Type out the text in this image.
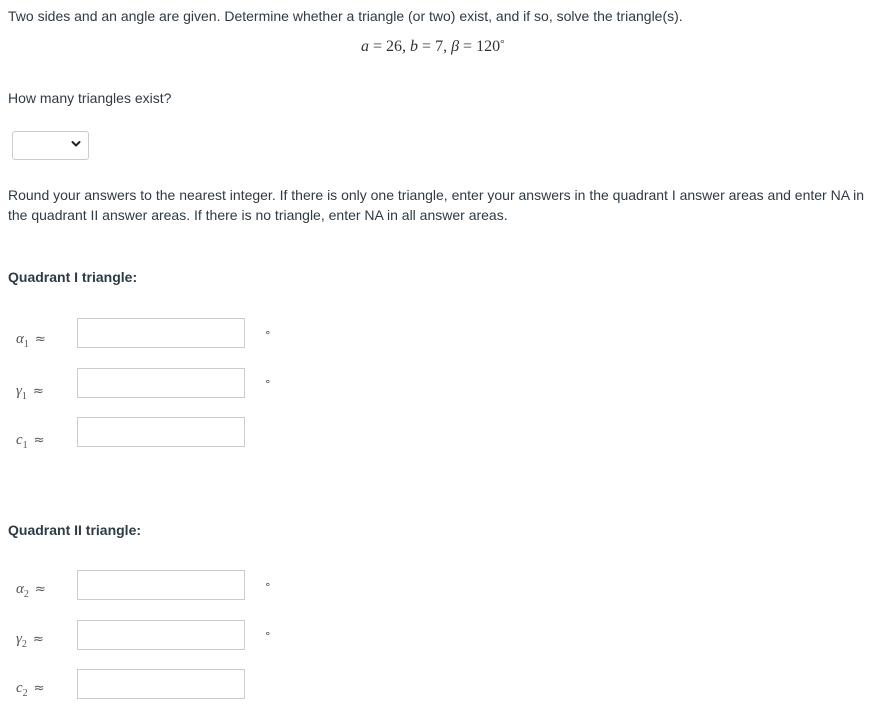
Two sides and an angle are given. Determine whether a triangle (or two) exist, and if so, solve the triangle(s).
a = 26, b = 7, β = 120°
How many triangles exist?
Round your answers to the nearest integer. If there is only one triangle, enter your answers in the quadrant I answer areas and enter NA in the quadrant II answer areas. If there is no triangle, enter NA in all answer areas.
Quadrant I triangle:
$\alpha_1$ ≈	°
$\gamma_1$ ≈	°
$c_1$ ≈
Quadrant II triangle:
$\alpha_2$ ≈	°
$\gamma_2$ ≈	°
$c_2$ ≈
